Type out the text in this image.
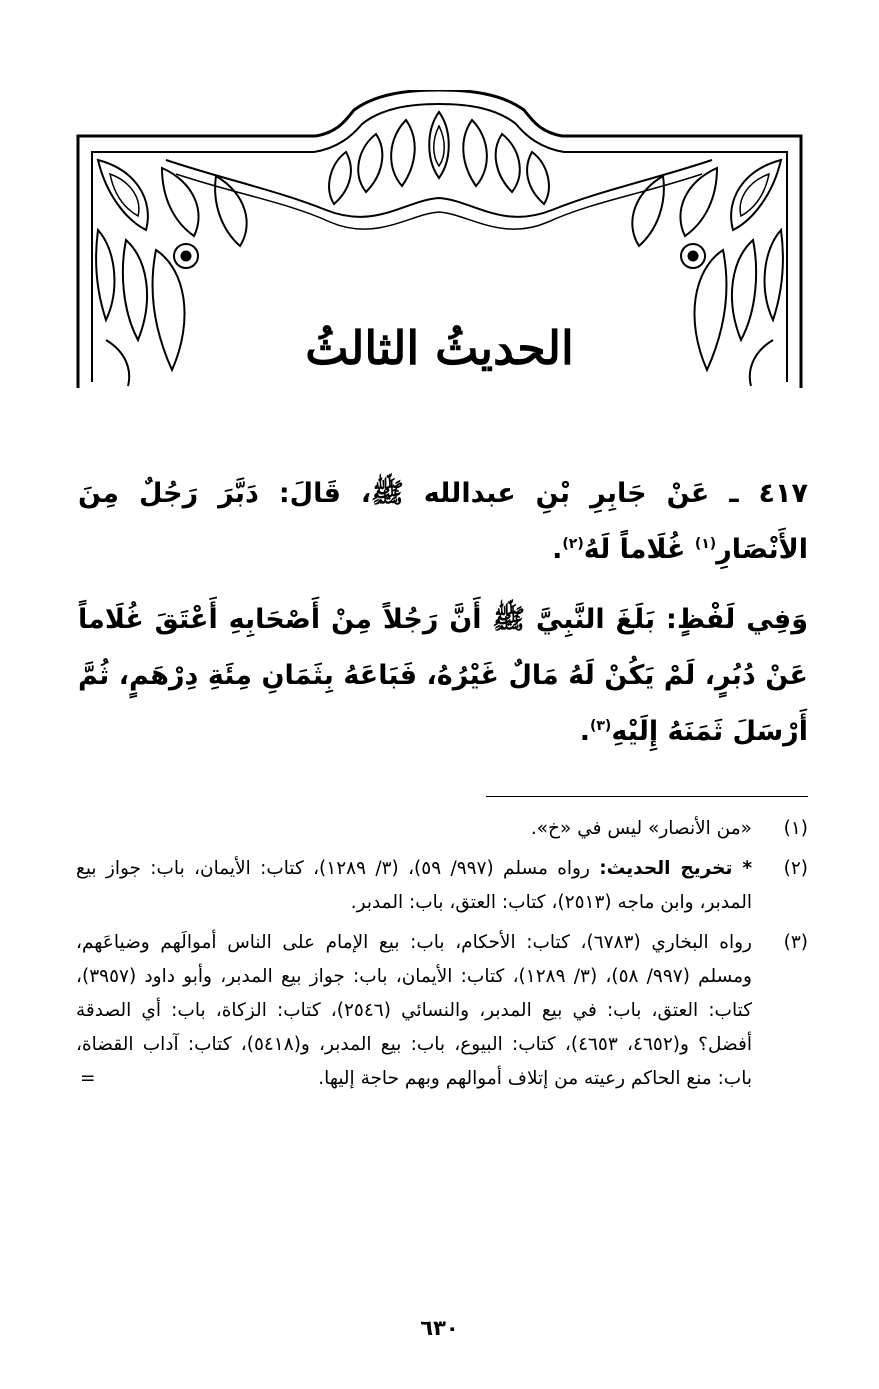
الحديثُ الثالثُ

٤١٧ ـ عَنْ جَابِرِ بْنِ عبدالله ﷺ، قَالَ: دَبَّرَ رَجُلٌ مِنَ الأَنْصَارِ$^{(١)}$ غُلَاماً لَهُ$^{(٢)}$.

وَفِي لَفْظٍ: بَلَغَ النَّبِيَّ ﷺ أَنَّ رَجُلاً مِنْ أَصْحَابِهِ أَعْتَقَ غُلَاماً عَنْ دُبُرٍ، لَمْ يَكُنْ لَهُ مَالٌ غَيْرُهُ، فَبَاعَهُ بِثَمَانِ مِئَةِ دِرْهَمٍ، ثُمَّ أَرْسَلَ ثَمَنَهُ إِلَيْهِ$^{(٣)}$.

(١)
«من الأنصار» ليس في «خ».
(٢)
* تخريج الحديث: رواه مسلم (٩٩٧/ ٥٩)، (٣/ ١٢٨٩)، كتاب: الأيمان، باب: جواز بيع المدبر، وابن ماجه (٢٥١٣)، كتاب: العتق، باب: المدبر.
(٣)
رواه البخاري (٦٧٨٣)، كتاب: الأحكام، باب: بيع الإمام على الناس أموالَهم وضياعَهم، ومسلم (٩٩٧/ ٥٨)، (٣/ ١٢٨٩)، كتاب: الأيمان، باب: جواز بيع المدبر، وأبو داود (٣٩٥٧)، كتاب: العتق، باب: في بيع المدبر، والنسائي (٢٥٤٦)، كتاب: الزكاة، باب: أي الصدقة أفضل؟ و(٤٦٥٢، ٤٦٥٣)، كتاب: البيوع، باب: بيع المدبر، و(٥٤١٨)، كتاب: آداب القضاة، باب: منع الحاكم رعيته من إتلاف أموالهم وبهم حاجة إليها.
=
٦٣٠
